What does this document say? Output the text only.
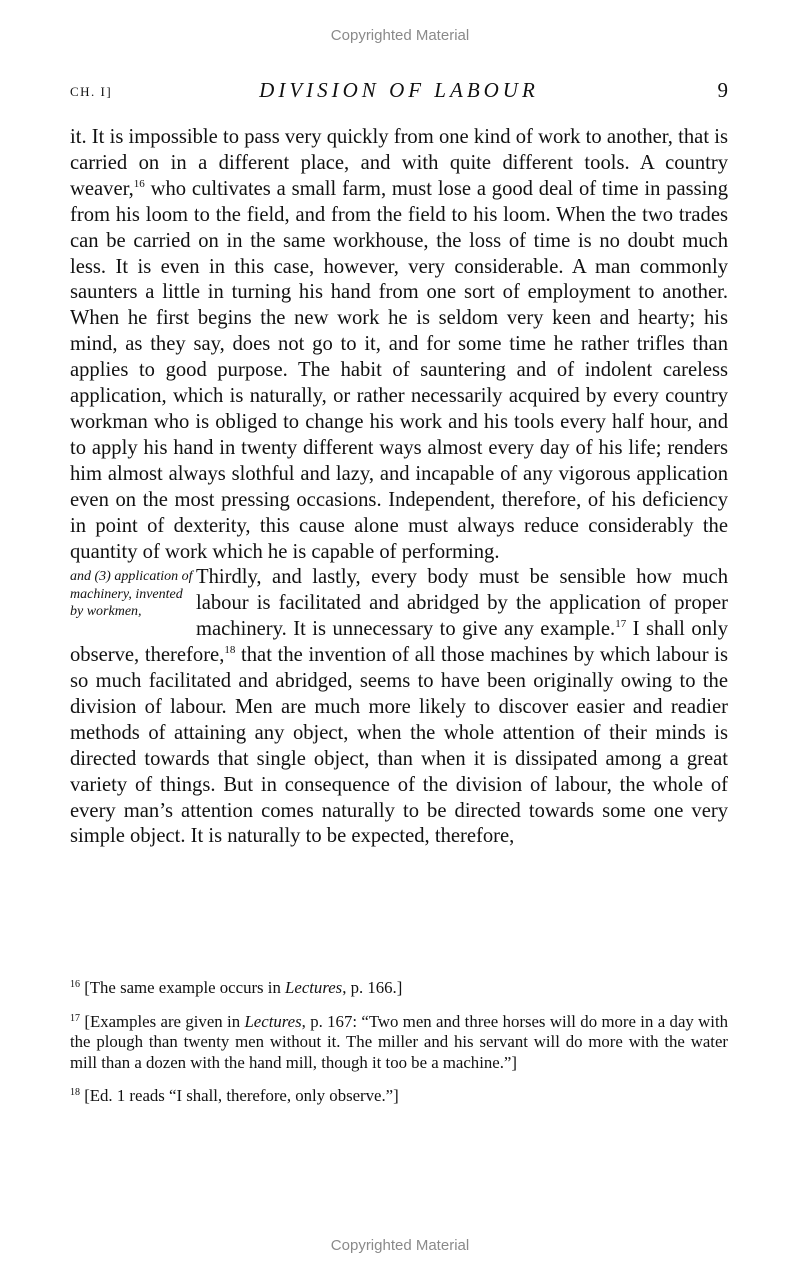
Copyrighted Material
CH. I]	DIVISION OF LABOUR	9

it. It is impossible to pass very quickly from one kind of work to another, that is carried on in a different place, and with quite different tools. A country weaver,$^{16}$ who cultivates a small farm, must lose a good deal of time in passing from his loom to the field, and from the field to his loom. When the two trades can be carried on in the same workhouse, the loss of time is no doubt much less. It is even in this case, however, very considerable. A man commonly saunters a little in turning his hand from one sort of employment to another. When he first begins the new work he is seldom very keen and hearty; his mind, as they say, does not go to it, and for some time he rather trifles than applies to good purpose. The habit of sauntering and of indolent careless application, which is naturally, or rather necessarily acquired by every country workman who is obliged to change his work and his tools every half hour, and to apply his hand in twenty different ways almost every day of his life; renders him almost always slothful and lazy, and incapable of any vigorous application even on the most pressing occasions. Independent, therefore, of his deficiency in point of dexterity, this cause alone must always reduce considerably the quantity of work which he is capable of performing.

and (3) application of machinery, invented by workmen,

Thirdly, and lastly, every body must be sensible how much labour is facilitated and abridged by the application of proper machinery. It is unnecessary to give any example.$^{17}$ I shall only observe, therefore,$^{18}$ that the invention of all those machines by which labour is so much facilitated and abridged, seems to have been originally owing to the division of labour. Men are much more likely to discover easier and readier methods of attaining any object, when the whole attention of their minds is directed towards that single object, than when it is dissipated among a great variety of things. But in consequence of the division of labour, the whole of every man’s attention comes naturally to be directed towards some one very simple object. It is naturally to be expected, therefore,

$^{16}$ [The same example occurs in Lectures, p. 166.]

$^{17}$ [Examples are given in Lectures, p. 167: “Two men and three horses will do more in a day with the plough than twenty men without it. The miller and his servant will do more with the water mill than a dozen with the hand mill, though it too be a machine.”]

$^{18}$ [Ed. 1 reads “I shall, therefore, only observe.”]

Copyrighted Material
